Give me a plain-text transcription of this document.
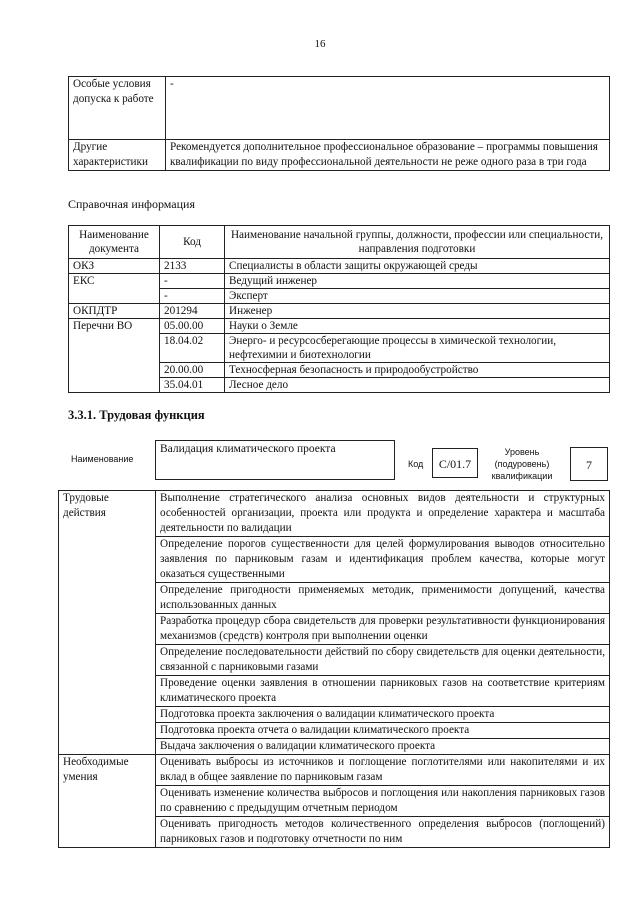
16
Особые условия допуска к работе	-
Другие характеристики	Рекомендуется дополнительное профессиональное образование – программы повышения квалификации по виду профессиональной деятельности не реже одного раза в три года
Справочная информация
Наименование документа	Код	Наименование начальной группы, должности, профессии или специальности, направления подготовки
ОКЗ	2133	Специалисты в области защиты окружающей среды
ЕКС	-	Ведущий инженер
	-	Эксперт
ОКПДТР	201294	Инженер
Перечни ВО	05.00.00	Науки о Земле
	18.04.02	Энерго- и ресурсосберегающие процессы в химической технологии, нефтехимии и биотехнологии
	20.00.00	Техносферная безопасность и природообустройство
	35.04.01	Лесное дело
3.3.1. Трудовая функция
Наименование
Валидация климатического проекта
Код	С/01.7
Уровень (подуровень) квалификации
7
Трудовые действия	Выполнение стратегического анализа основных видов деятельности и структурных особенностей организации, проекта или продукта и определение характера и масштаба деятельности по валидации
	Определение порогов существенности для целей формулирования выводов относительно заявления по парниковым газам и идентификация проблем качества, которые могут оказаться существенными
	Определение пригодности применяемых методик, применимости допущений, качества использованных данных
	Разработка процедур сбора свидетельств для проверки результативности функционирования механизмов (средств) контроля при выполнении оценки
	Определение последовательности действий по сбору свидетельств для оценки деятельности, связанной с парниковыми газами
	Проведение оценки заявления в отношении парниковых газов на соответствие критериям климатического проекта
	Подготовка проекта заключения о валидации климатического проекта
	Подготовка проекта отчета о валидации климатического проекта
	Выдача заключения о валидации климатического проекта
Необходимые умения	Оценивать выбросы из источников и поглощение поглотителями или накопителями и их вклад в общее заявление по парниковым газам
	Оценивать изменение количества выбросов и поглощения или накопления парниковых газов по сравнению с предыдущим отчетным периодом
	Оценивать пригодность методов количественного определения выбросов (поглощений) парниковых газов и подготовку отчетности по ним
